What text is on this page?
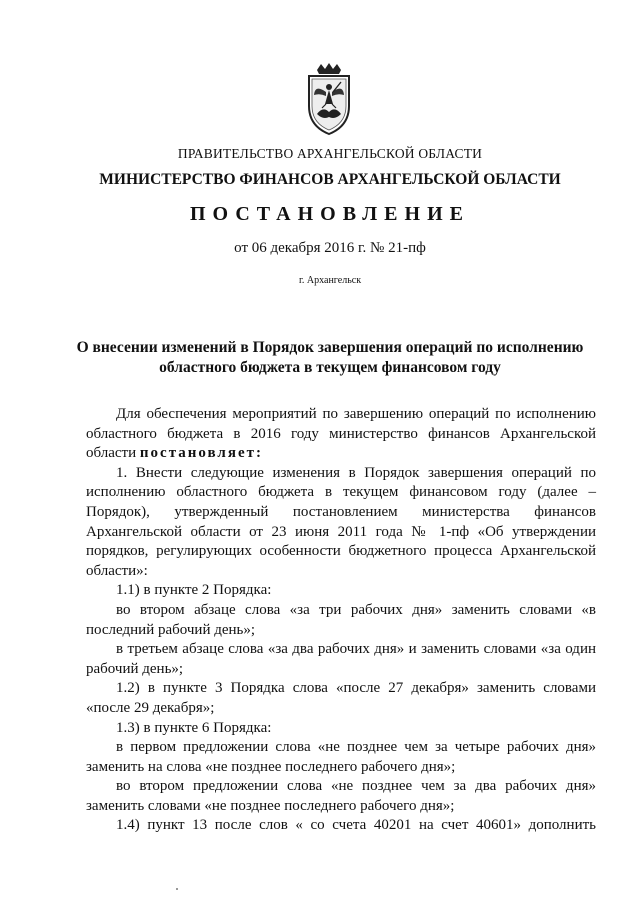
ПРАВИТЕЛЬСТВО АРХАНГЕЛЬСКОЙ ОБЛАСТИ
МИНИСТЕРСТВО ФИНАНСОВ АРХАНГЕЛЬСКОЙ ОБЛАСТИ
ПОСТАНОВЛЕНИЕ
от 06 декабря 2016 г. № 21-пф
г. Архангельск
О внесении изменений в Порядок завершения операций по исполнению
областного бюджета в текущем финансовом году

Для обеспечения мероприятий по завершению операций по исполнению областного бюджета в 2016 году министерство финансов Архангельской области постановляет:

1. Внести следующие изменения в Порядок завершения операций по исполнению областного бюджета в текущем финансовом году (далее – Порядок), утвержденный постановлением министерства финансов Архангельской области от 23 июня 2011 года № 1-пф «Об утверждении порядков, регулирующих особенности бюджетного процесса Архангельской области»:

1.1) в пункте 2 Порядка:

во втором абзаце слова «за три рабочих дня» заменить словами «в последний рабочий день»;

в третьем абзаце слова «за два рабочих дня» и заменить словами «за один рабочий день»;

1.2) в пункте 3 Порядка слова «после 27 декабря» заменить словами «после 29 декабря»;

1.3) в пункте 6 Порядка:

в первом предложении слова «не позднее чем за четыре рабочих дня» заменить на слова «не позднее последнего рабочего дня»;

во втором предложении слова «не позднее чем за два рабочих дня» заменить словами «не позднее последнего рабочего дня»;

1.4) пункт 13 после слов « со счета 40201 на счет 40601» дополнить
